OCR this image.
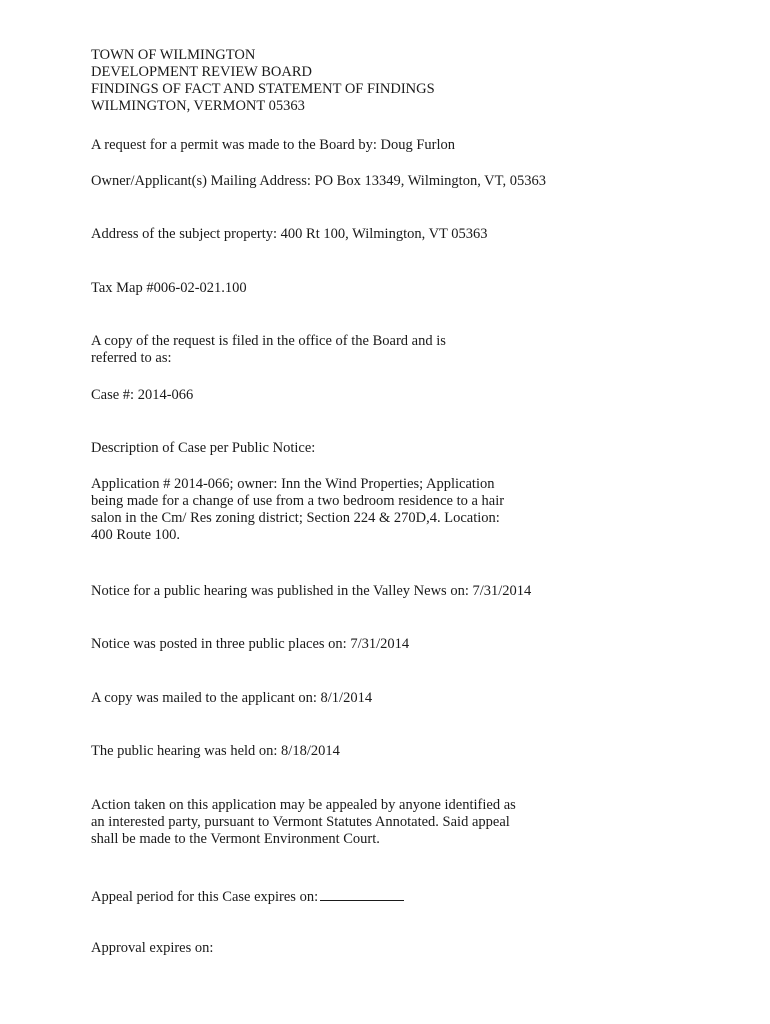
TOWN OF WILMINGTON
DEVELOPMENT REVIEW BOARD
FINDINGS OF FACT AND STATEMENT OF FINDINGS
WILMINGTON, VERMONT 05363
A request for a permit was made to the Board by: Doug Furlon
Owner/Applicant(s) Mailing Address: PO Box 13349, Wilmington, VT, 05363
Address of the subject property: 400 Rt 100, Wilmington, VT 05363
Tax Map #006-02-021.100
A copy of the request is filed in the office of the Board and is
referred to as:
Case #: 2014-066
Description of Case per Public Notice:
Application # 2014-066; owner: Inn the Wind Properties; Application
being made for a change of use from a two bedroom residence to a hair
salon in the Cm/ Res zoning district; Section 224 & 270D,4. Location:
400 Route 100.
Notice for a public hearing was published in the Valley News on: 7/31/2014
Notice was posted in three public places on: 7/31/2014
A copy was mailed to the applicant on: 8/1/2014
The public hearing was held on: 8/18/2014
Action taken on this application may be appealed by anyone identified as
an interested party, pursuant to Vermont Statutes Annotated. Said appeal
shall be made to the Vermont Environment Court.
Appeal period for this Case expires on:
Approval expires on:
